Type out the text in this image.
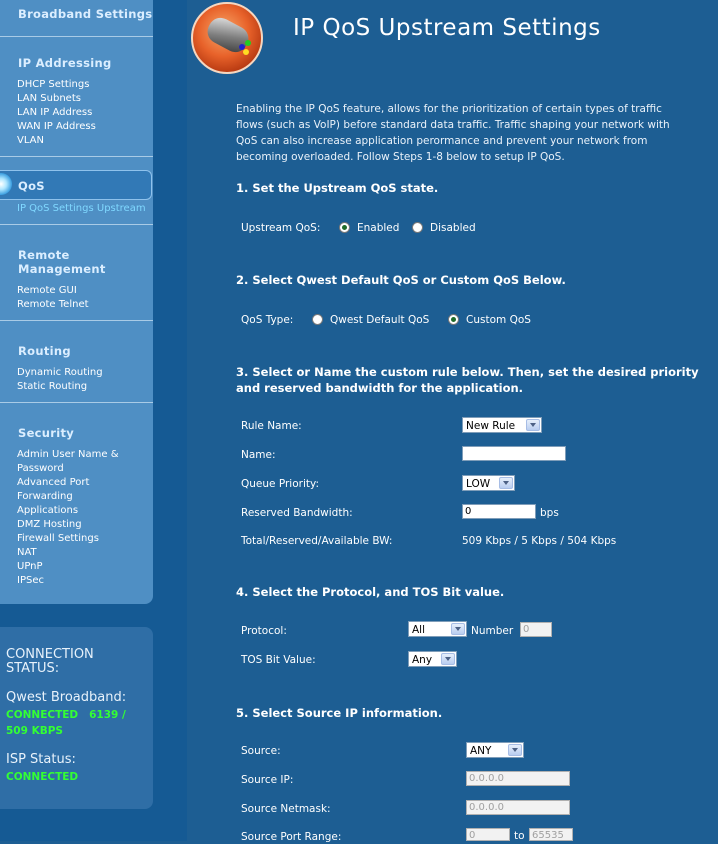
Broadband Settings
IP Addressing
DHCP Settings
LAN Subnets
LAN IP Address
WAN IP Address
VLAN
QoS
IP QoS Settings Upstream
Remote
Management
Remote GUI
Remote Telnet
Routing
Dynamic Routing
Static Routing
Security
Admin User Name &
Password
Advanced Port
Forwarding
Applications
DMZ Hosting
Firewall Settings
NAT
UPnP
IPSec
CONNECTION
STATUS:
Qwest Broadband:
CONNECTED   6139 /
509 KBPS
ISP Status:
CONNECTED
IP QoS Upstream Settings
Enabling the IP QoS feature, allows for the prioritization of certain types of traffic flows (such as VoIP) before standard data traffic. Traffic shaping your network with QoS can also increase application perormance and prevent your network from becoming overloaded. Follow Steps 1-8 below to setup IP QoS.
1. Set the Upstream QoS state.
Upstream QoS:	Enabled	Disabled
2. Select Qwest Default QoS or Custom QoS Below.
QoS Type:	Qwest Default QoS	Custom QoS
3. Select or Name the custom rule below. Then, set the desired priority and reserved bandwidth for the application.
Rule Name:	New Rule
Name:
Queue Priority:	LOW
Reserved Bandwidth:	0	bps
Total/Reserved/Available BW:	509 Kbps / 5 Kbps / 504 Kbps
4. Select the Protocol, and TOS Bit value.
Protocol:	All	Number 0
TOS Bit Value:	Any
5. Select Source IP information.
Source:	ANY
Source IP:	0.0.0.0
Source Netmask:	0.0.0.0
Source Port Range:	0	to 65535
